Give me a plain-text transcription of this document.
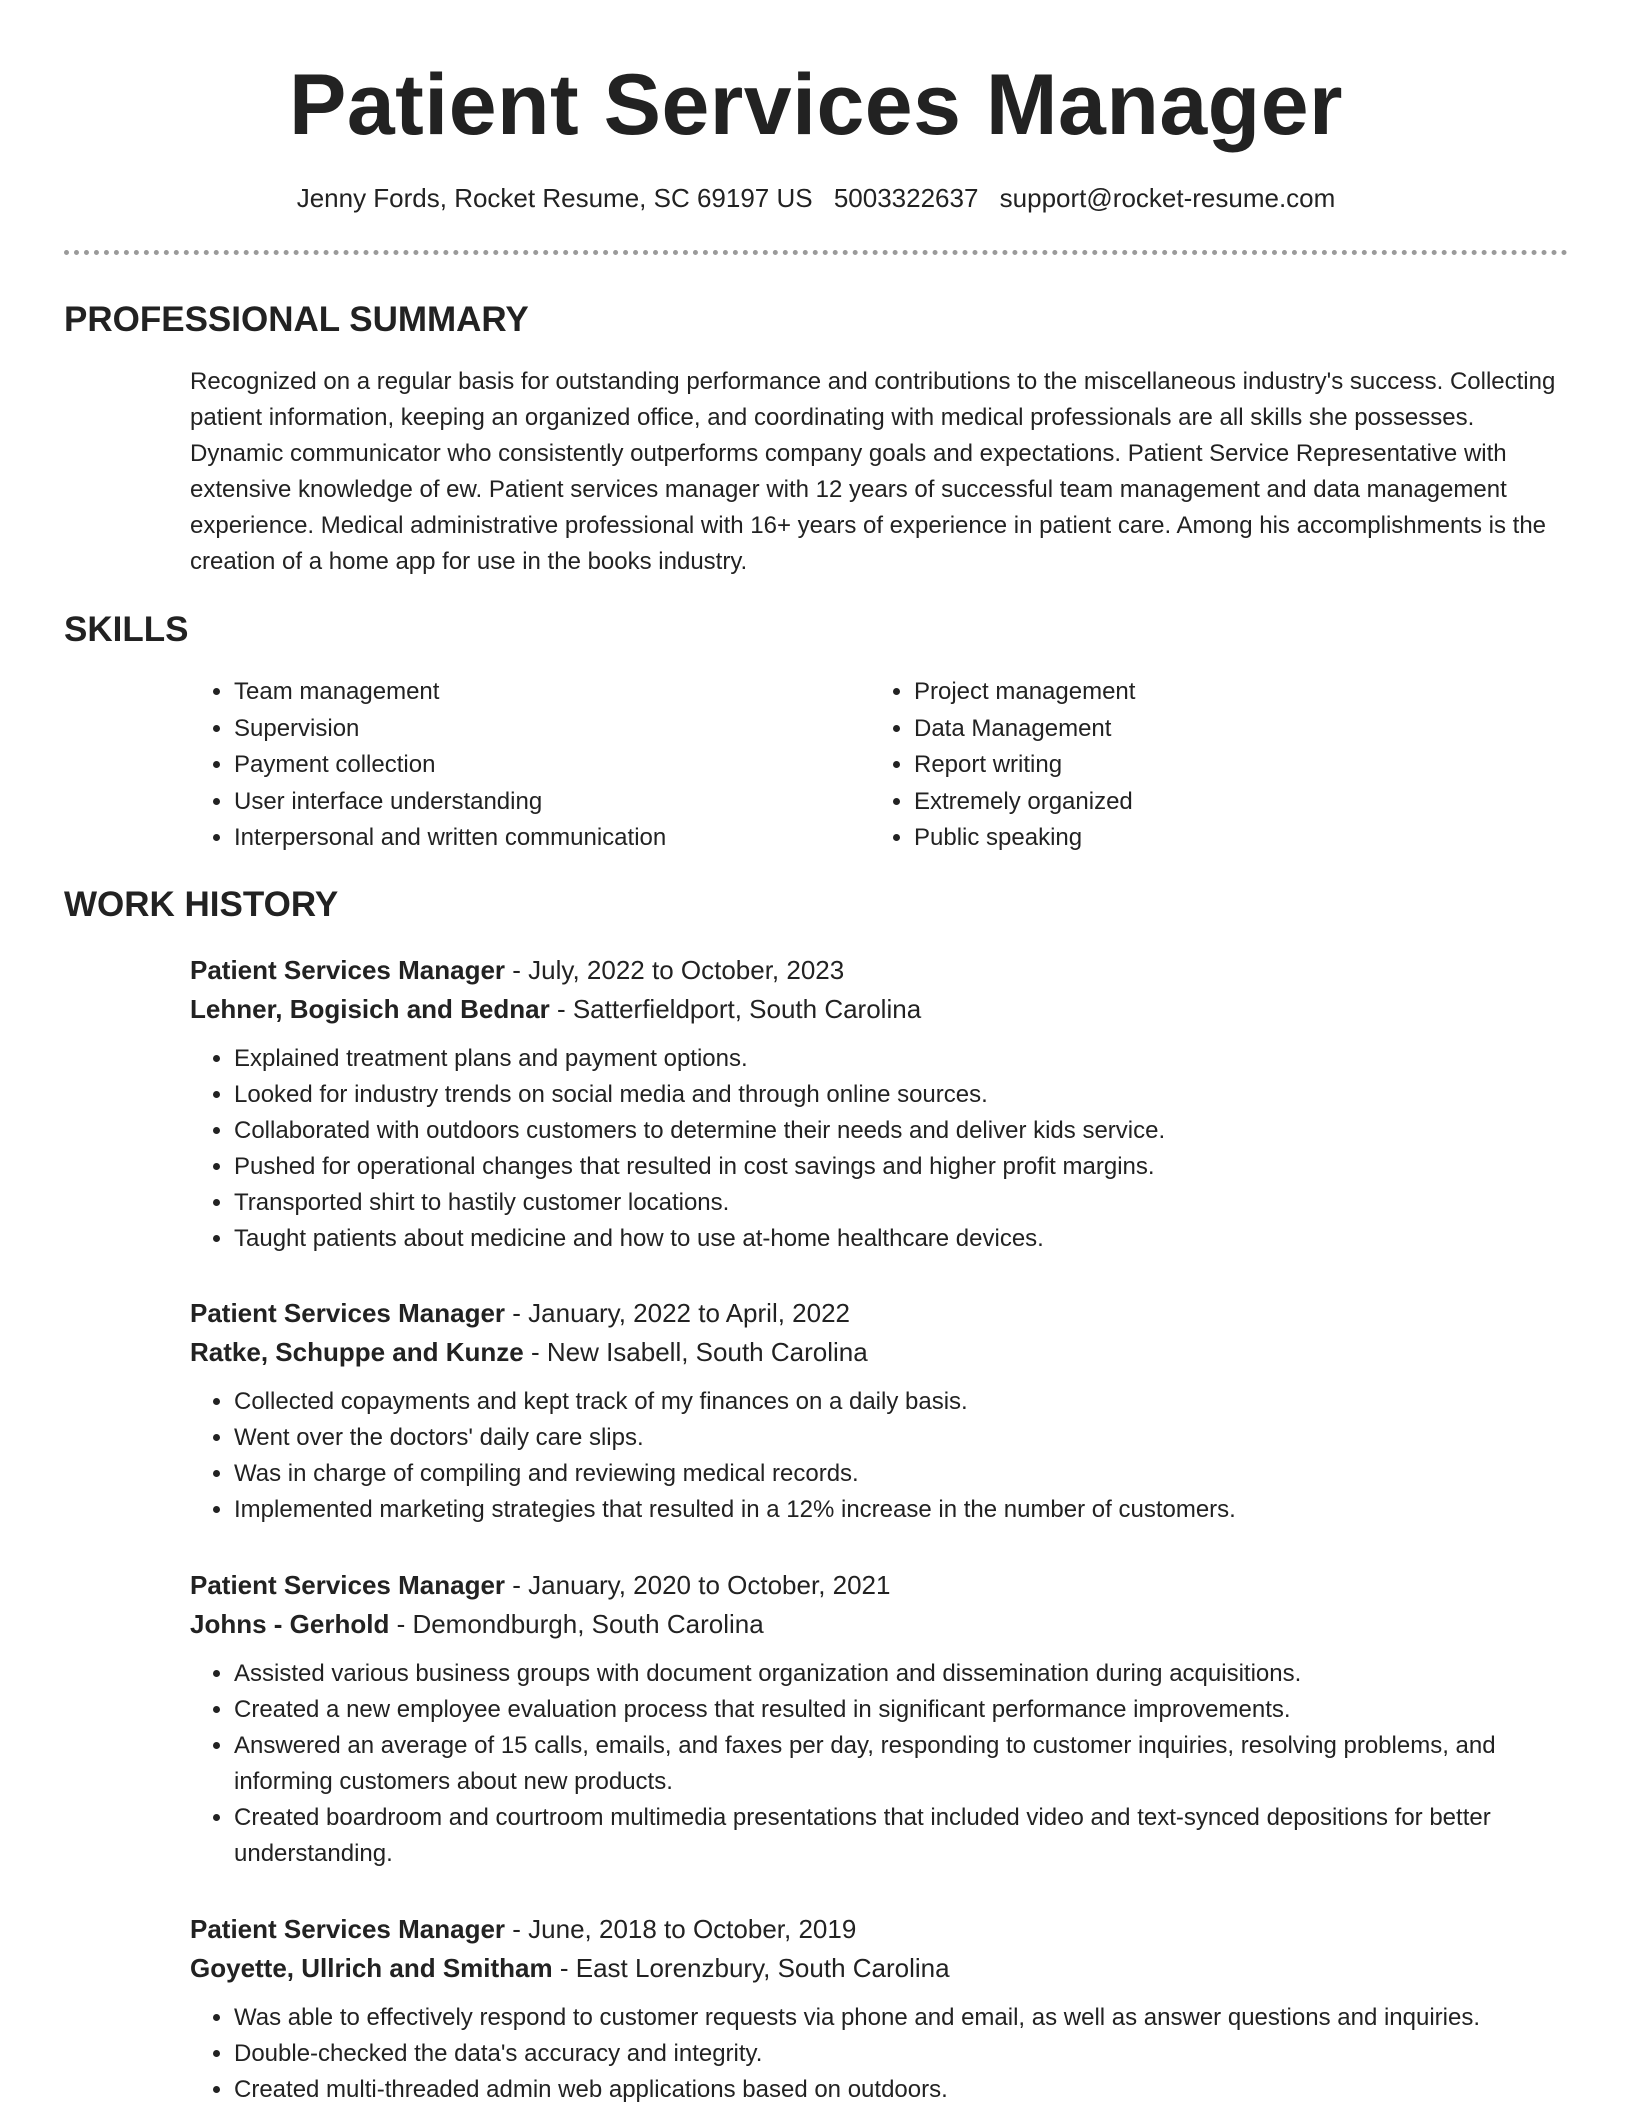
Patient Services Manager
Jenny Fords, Rocket Resume, SC 69197 US 5003322637 support@rocket-resume.com
PROFESSIONAL SUMMARY
Recognized on a regular basis for outstanding performance and contributions to the miscellaneous industry's success. Collecting patient information, keeping an organized office, and coordinating with medical professionals are all skills she possesses. Dynamic communicator who consistently outperforms company goals and expectations. Patient Service Representative with extensive knowledge of ew. Patient services manager with 12 years of successful team management and data management experience. Medical administrative professional with 16+ years of experience in patient care. Among his accomplishments is the creation of a home app for use in the books industry.
SKILLS
• Team management
• Supervision
• Payment collection
• User interface understanding
• Interpersonal and written communication
• Project management
• Data Management
• Report writing
• Extremely organized
• Public speaking
WORK HISTORY
Patient Services Manager - July, 2022 to October, 2023
Lehner, Bogisich and Bednar - Satterfieldport, South Carolina
• Explained treatment plans and payment options.
• Looked for industry trends on social media and through online sources.
• Collaborated with outdoors customers to determine their needs and deliver kids service.
• Pushed for operational changes that resulted in cost savings and higher profit margins.
• Transported shirt to hastily customer locations.
• Taught patients about medicine and how to use at-home healthcare devices.
Patient Services Manager - January, 2022 to April, 2022
Ratke, Schuppe and Kunze - New Isabell, South Carolina
• Collected copayments and kept track of my finances on a daily basis.
• Went over the doctors' daily care slips.
• Was in charge of compiling and reviewing medical records.
• Implemented marketing strategies that resulted in a 12% increase in the number of customers.
Patient Services Manager - January, 2020 to October, 2021
Johns - Gerhold - Demondburgh, South Carolina
• Assisted various business groups with document organization and dissemination during acquisitions.
• Created a new employee evaluation process that resulted in significant performance improvements.
• Answered an average of 15 calls, emails, and faxes per day, responding to customer inquiries, resolving problems, and informing customers about new products.
• Created boardroom and courtroom multimedia presentations that included video and text-synced depositions for better understanding.
Patient Services Manager - June, 2018 to October, 2019
Goyette, Ullrich and Smitham - East Lorenzbury, South Carolina
• Was able to effectively respond to customer requests via phone and email, as well as answer questions and inquiries.
• Double-checked the data's accuracy and integrity.
• Created multi-threaded admin web applications based on outdoors.
